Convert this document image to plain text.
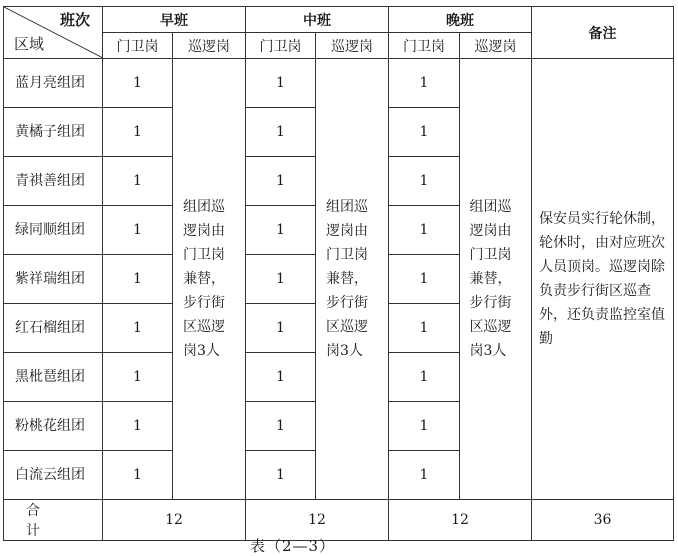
班次
区域	早班		中班		晚班		备注
	门卫岗	巡逻岗	门卫岗	巡逻岗	门卫岗	巡逻岗	
蓝月亮组团	1	组团巡逻岗由门卫岗兼替，步行街区巡逻岗3人	1	组团巡逻岗由门卫岗兼替，步行街区巡逻岗3人	1	组团巡逻岗由门卫岗兼替，步行街区巡逻岗3人	保安员实行轮休制，轮休时，由对应班次人员顶岗。巡逻岗除负责步行街区巡查外，还负责监控室值勤
黄橘子组团	1		1		1		
青祺善组团	1		1		1		
绿同顺组团	1		1		1		
紫祥瑞组团	1		1		1		
红石榴组团	1		1		1		
黑枇琶组团	1		1		1		
粉桃花组团	1		1		1		
白流云组团	1		1		1		
合计	12		12		12		36
表（2—3）
